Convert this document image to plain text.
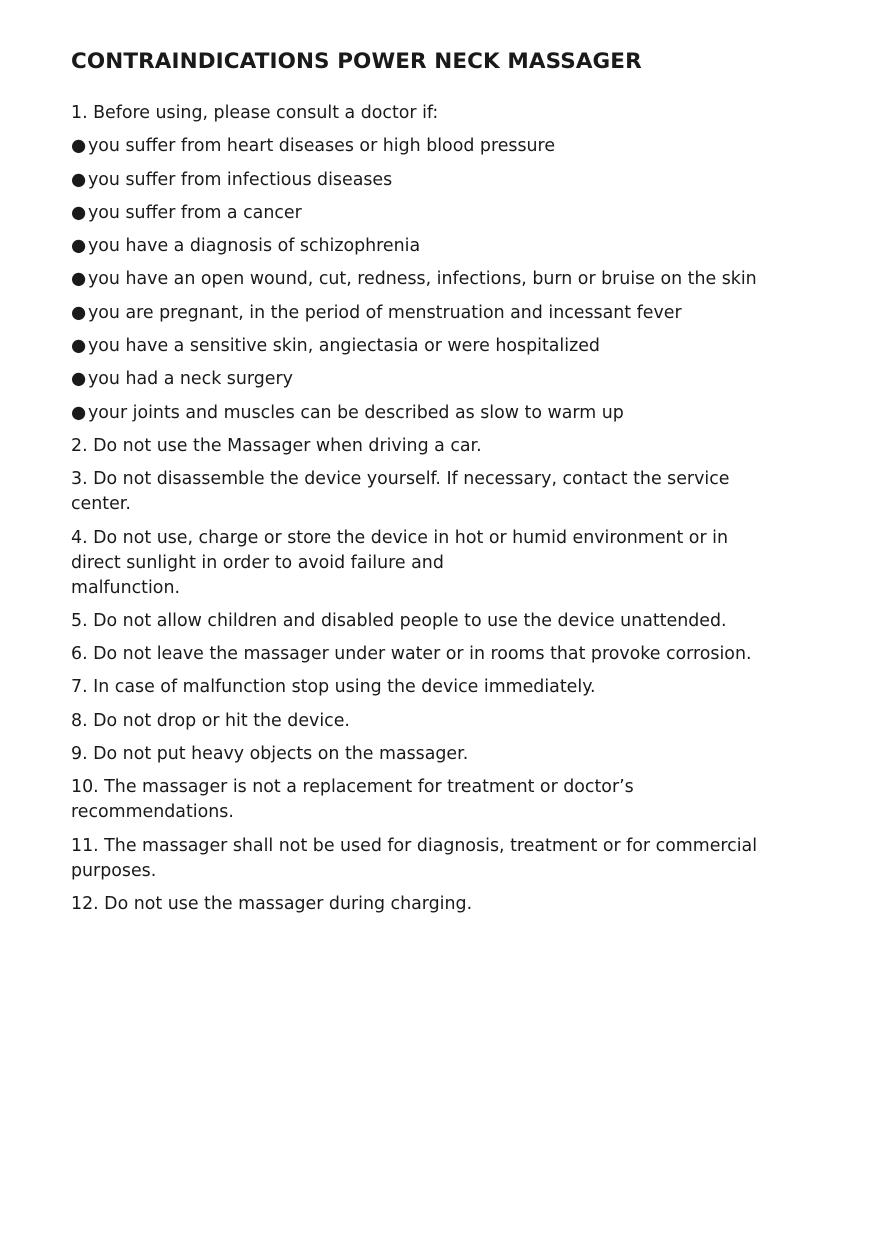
CONTRAINDICATIONS POWER NECK MASSAGER
1. Before using, please consult a doctor if:
● you suffer from heart diseases or high blood pressure
● you suffer from infectious diseases
● you suffer from a cancer
● you have a diagnosis of schizophrenia
● you have an open wound, cut, redness, infections, burn or bruise on the skin
● you are pregnant, in the period of menstruation and incessant fever
● you have a sensitive skin, angiectasia or were hospitalized
● you had a neck surgery
● your joints and muscles can be described as slow to warm up
2. Do not use the Massager when driving a car.
3. Do not disassemble the device yourself. If necessary, contact the service
center.
4. Do not use, charge or store the device in hot or humid environment or in
direct sunlight in order to avoid failure and
malfunction.
5. Do not allow children and disabled people to use the device unattended.
6. Do not leave the massager under water or in rooms that provoke corrosion.
7. In case of malfunction stop using the device immediately.
8. Do not drop or hit the device.
9. Do not put heavy objects on the massager.
10. The massager is not a replacement for treatment or doctor’s
recommendations.
11. The massager shall not be used for diagnosis, treatment or for commercial
purposes.
12. Do not use the massager during charging.
